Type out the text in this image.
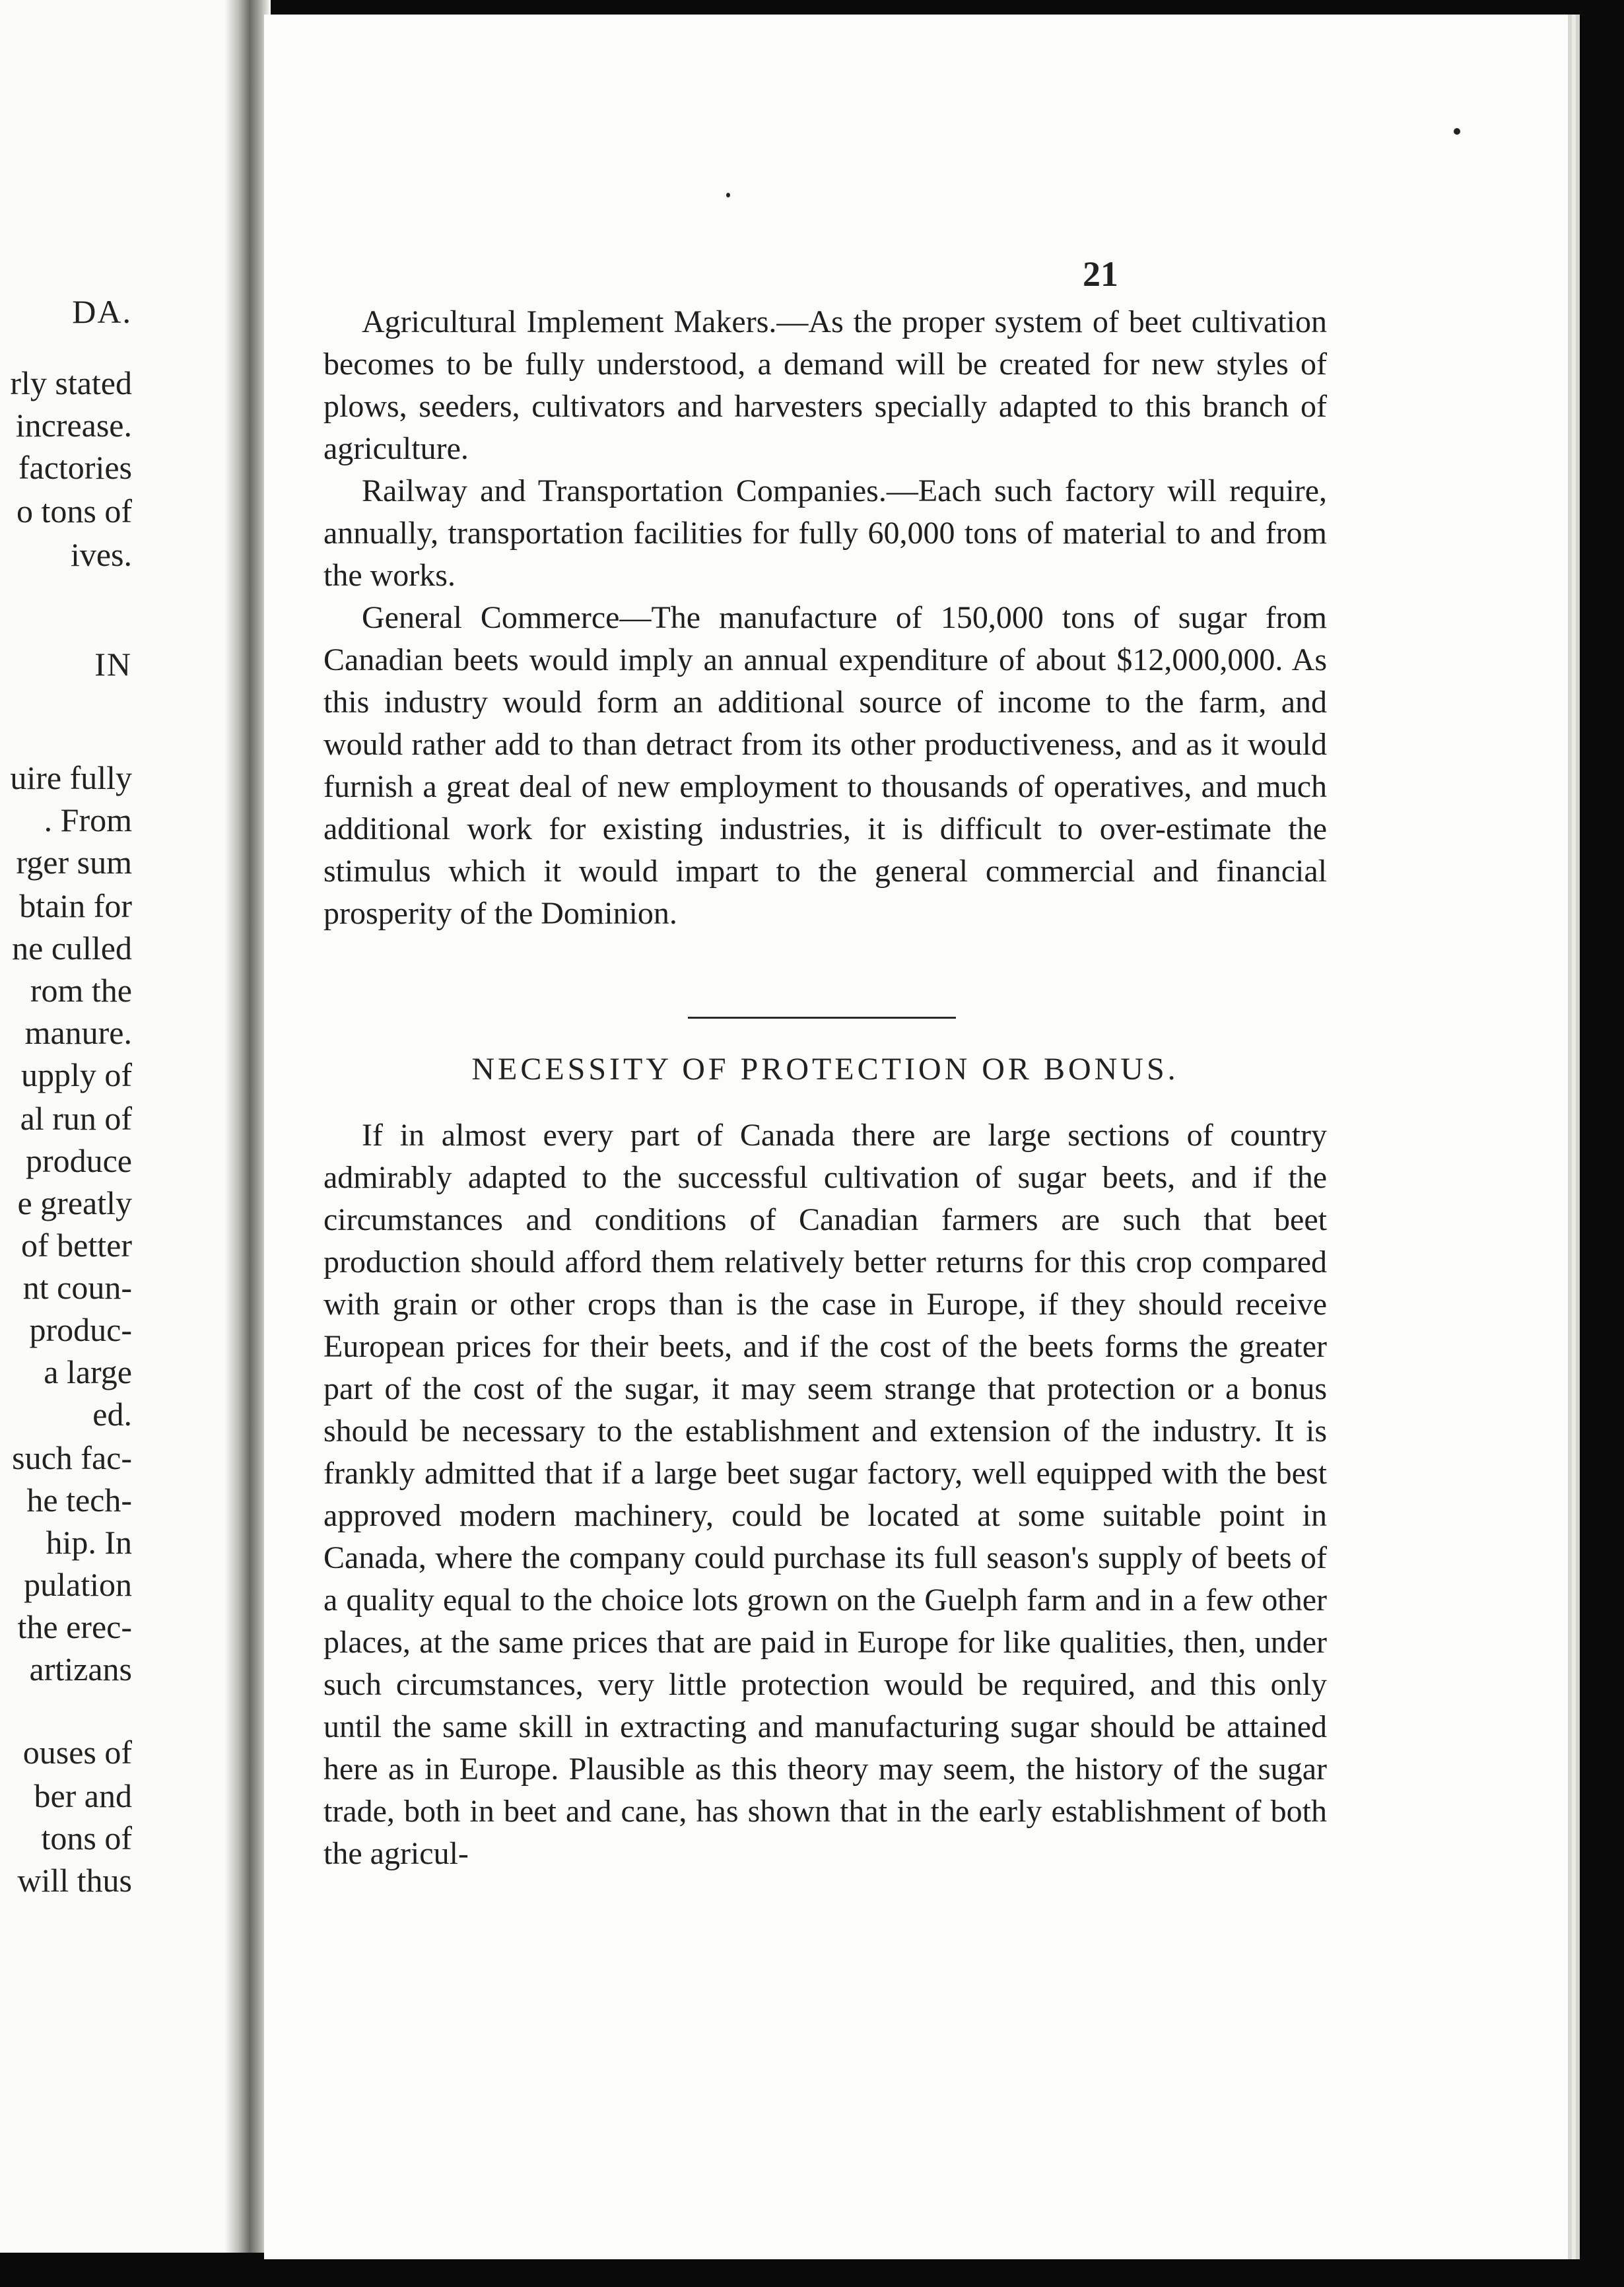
DA.
rly stated
increase.
factories
o tons of
ives.
IN
uire fully
. From
rger sum
btain for
ne culled
rom the
manure.
upply of
al run of
produce
e greatly
of better
nt coun-
produc-
a large
ed.
such fac-
he tech-
hip. In
pulation
the erec-
artizans
ouses of
ber and
tons of
will thus
21

Agricultural Implement Makers.—As the proper system of beet cultivation becomes to be fully understood, a demand will be created for new styles of plows, seeders, cultivators and harvesters specially adapted to this branch of agriculture.

Railway and Transportation Companies.—Each such factory will require, annually, transportation facilities for fully 60,000 tons of material to and from the works.

General Commerce—The manufacture of 150,000 tons of sugar from Canadian beets would imply an annual expenditure of about $12,000,000. As this industry would form an additional source of income to the farm, and would rather add to than detract from its other productiveness, and as it would furnish a great deal of new employment to thousands of operatives, and much additional work for existing industries, it is difficult to over-estimate the stimulus which it would impart to the general commercial and financial prosperity of the Dominion.

NECESSITY OF PROTECTION OR BONUS.

If in almost every part of Canada there are large sections of country admirably adapted to the successful cultivation of sugar beets, and if the circumstances and conditions of Canadian farmers are such that beet production should afford them relatively better returns for this crop compared with grain or other crops than is the case in Europe, if they should receive European prices for their beets, and if the cost of the beets forms the greater part of the cost of the sugar, it may seem strange that protection or a bonus should be necessary to the establishment and extension of the industry. It is frankly admitted that if a large beet sugar factory, well equipped with the best approved modern machinery, could be located at some suitable point in Canada, where the company could purchase its full season's supply of beets of a quality equal to the choice lots grown on the Guelph farm and in a few other places, at the same prices that are paid in Europe for like qualities, then, under such circumstances, very little protection would be required, and this only until the same skill in extracting and manufacturing sugar should be attained here as in Europe. Plausible as this theory may seem, the history of the sugar trade, both in beet and cane, has shown that in the early establishment of both the agricul-
